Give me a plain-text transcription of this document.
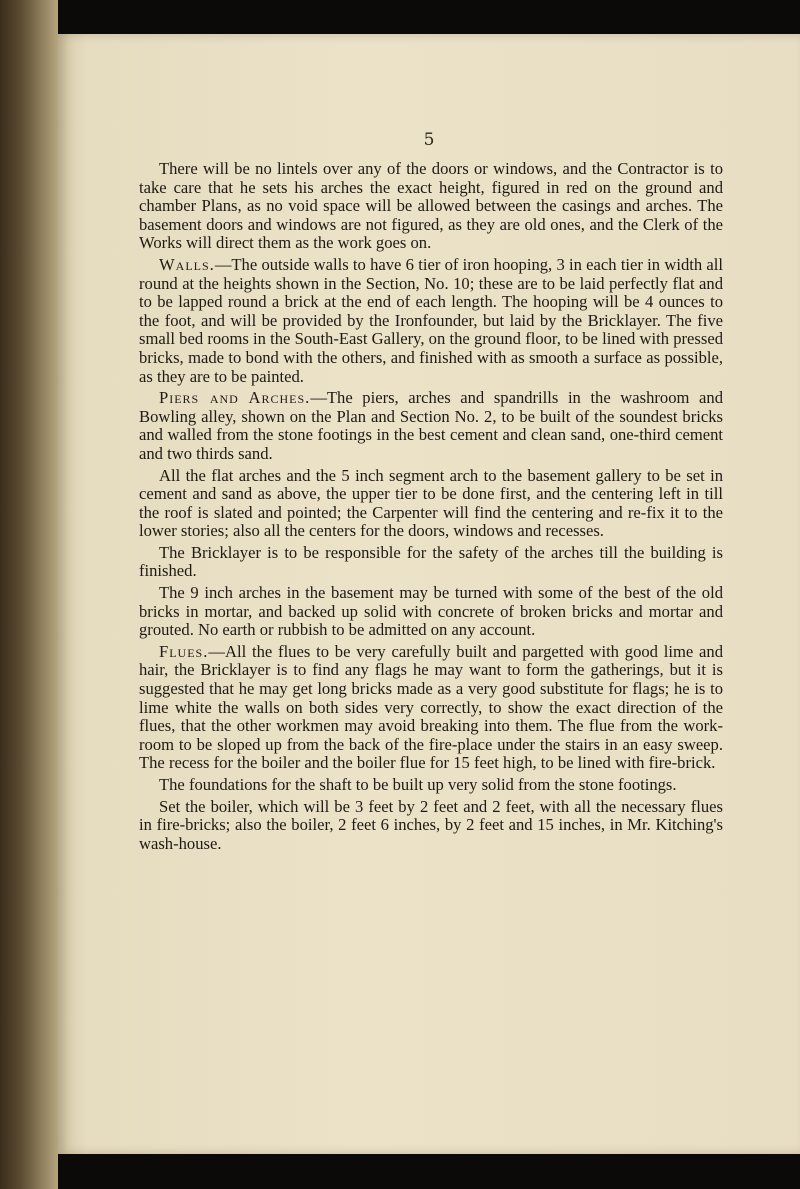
5

There will be no lintels over any of the doors or windows, and the Contractor is to take care that he sets his arches the exact height, figured in red on the ground and chamber Plans, as no void space will be allowed between the casings and arches. The basement doors and windows are not figured, as they are old ones, and the Clerk of the Works will direct them as the work goes on.

Walls.—The outside walls to have 6 tier of iron hooping, 3 in each tier in width all round at the heights shown in the Section, No. 10; these are to be laid perfectly flat and to be lapped round a brick at the end of each length. The hooping will be 4 ounces to the foot, and will be provided by the Ironfounder, but laid by the Bricklayer. The five small bed rooms in the South-East Gallery, on the ground floor, to be lined with pressed bricks, made to bond with the others, and finished with as smooth a surface as possible, as they are to be painted.

Piers and Arches.—The piers, arches and spandrills in the washroom and Bowling alley, shown on the Plan and Section No. 2, to be built of the soundest bricks and walled from the stone footings in the best cement and clean sand, one-third cement and two thirds sand.

All the flat arches and the 5 inch segment arch to the basement gallery to be set in cement and sand as above, the upper tier to be done first, and the centering left in till the roof is slated and pointed; the Carpenter will find the centering and re-fix it to the lower stories; also all the centers for the doors, windows and recesses.

The Bricklayer is to be responsible for the safety of the arches till the building is finished.

The 9 inch arches in the basement may be turned with some of the best of the old bricks in mortar, and backed up solid with concrete of broken bricks and mortar and grouted. No earth or rubbish to be admitted on any account.

Flues.—All the flues to be very carefully built and pargetted with good lime and hair, the Bricklayer is to find any flags he may want to form the gatherings, but it is suggested that he may get long bricks made as a very good substitute for flags; he is to lime white the walls on both sides very correctly, to show the exact direction of the flues, that the other workmen may avoid breaking into them. The flue from the work-room to be sloped up from the back of the fire-place under the stairs in an easy sweep. The recess for the boiler and the boiler flue for 15 feet high, to be lined with fire-brick.

The foundations for the shaft to be built up very solid from the stone footings.

Set the boiler, which will be 3 feet by 2 feet and 2 feet, with all the necessary flues in fire-bricks; also the boiler, 2 feet 6 inches, by 2 feet and 15 inches, in Mr. Kitching's wash-house.
